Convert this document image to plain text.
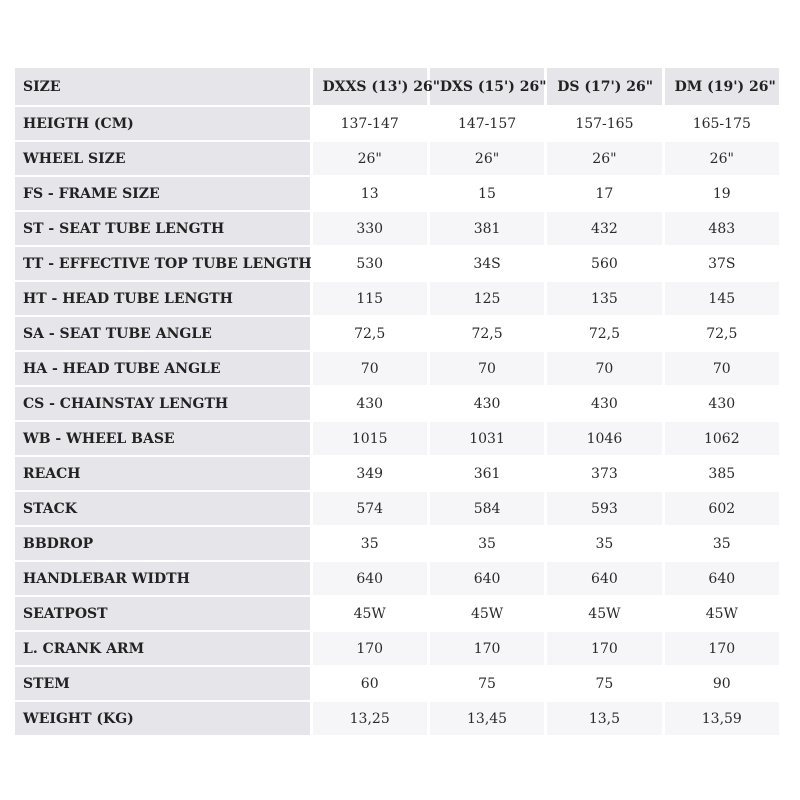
SIZE	DXXS (13') 26"	DXS (15') 26"	DS (17') 26"	DM (19') 26"
HEIGTH (CM)	137-147	147-157	157-165	165-175
WHEEL SIZE	26"	26"	26"	26"
FS - FRAME SIZE	13	15	17	19
ST - SEAT TUBE LENGTH	330	381	432	483
TT - EFFECTIVE TOP TUBE LENGTH	530	34S	560	37S
HT - HEAD TUBE LENGTH	115	125	135	145
SA - SEAT TUBE ANGLE	72,5	72,5	72,5	72,5
HA - HEAD TUBE ANGLE	70	70	70	70
CS - CHAINSTAY LENGTH	430	430	430	430
WB - WHEEL BASE	1015	1031	1046	1062
REACH	349	361	373	385
STACK	574	584	593	602
BBDROP	35	35	35	35
HANDLEBAR WIDTH	640	640	640	640
SEATPOST	45W	45W	45W	45W
L. CRANK ARM	170	170	170	170
STEM	60	75	75	90
WEIGHT (KG)	13,25	13,45	13,5	13,59
